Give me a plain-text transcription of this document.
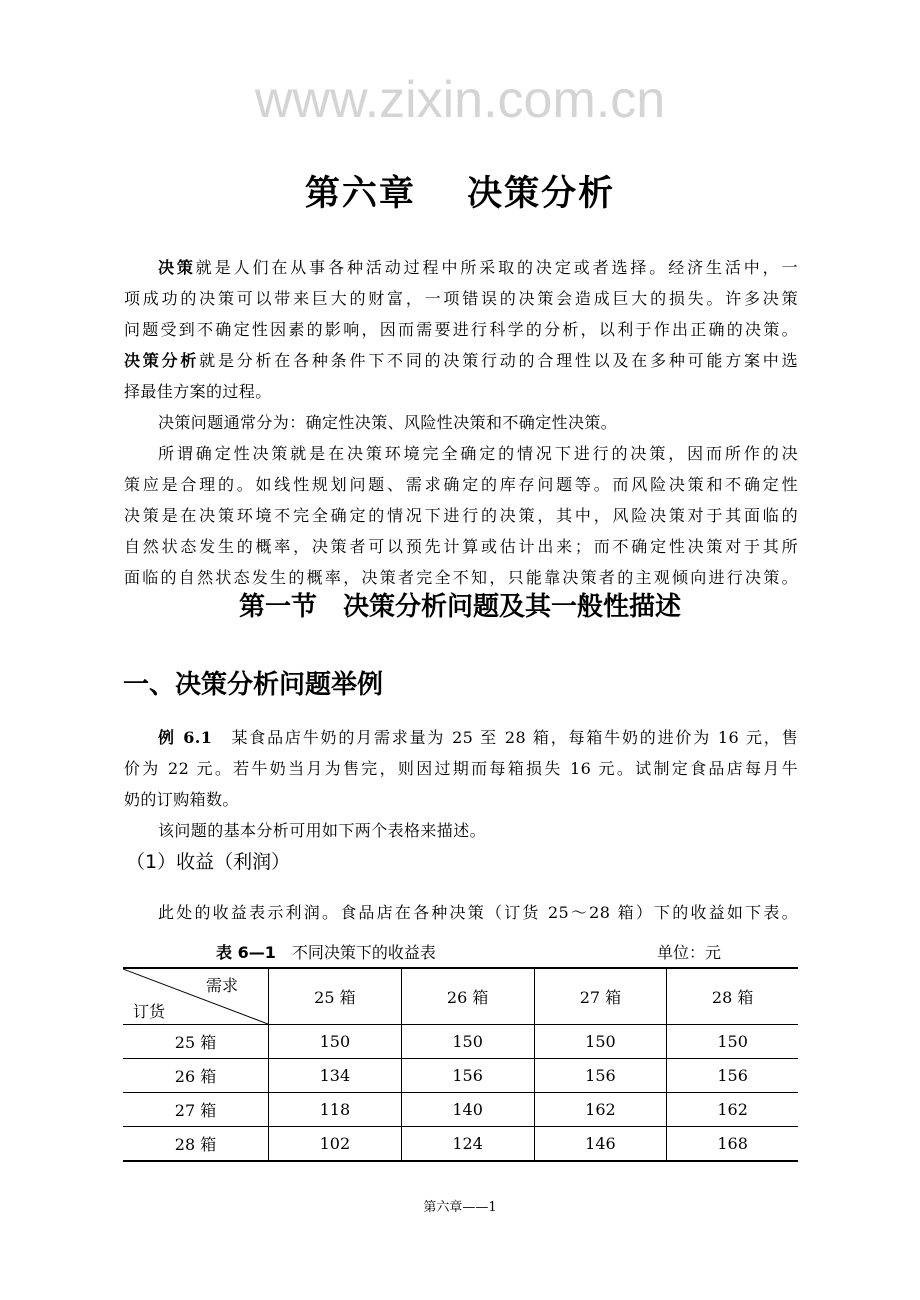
www.zixin.com.cn
第六章　 决策分析
决策就是人们在从事各种活动过程中所采取的决定或者选择。经济生活中，一
项成功的决策可以带来巨大的财富，一项错误的决策会造成巨大的损失。许多决策
问题受到不确定性因素的影响，因而需要进行科学的分析，以利于作出正确的决策。
决策分析就是分析在各种条件下不同的决策行动的合理性以及在多种可能方案中选
择最佳方案的过程。
决策问题通常分为：确定性决策、风险性决策和不确定性决策。
所谓确定性决策就是在决策环境完全确定的情况下进行的决策，因而所作的决
策应是合理的。如线性规划问题、需求确定的库存问题等。而风险决策和不确定性
决策是在决策环境不完全确定的情况下进行的决策，其中，风险决策对于其面临的
自然状态发生的概率，决策者可以预先计算或估计出来；而不确定性决策对于其所
面临的自然状态发生的概率，决策者完全不知，只能靠决策者的主观倾向进行决策。
第一节　决策分析问题及其一般性描述
一、决策分析问题举例
例 6.1　 某食品店牛奶的月需求量为 25 至 28 箱，每箱牛奶的进价为 16 元，售
价为 22 元。若牛奶当月为售完，则因过期而每箱损失 16 元。试制定食品店每月牛
奶的订购箱数。
该问题的基本分析可用如下两个表格来描述。
（1）收益（利润）
此处的收益表示利润。食品店在各种决策（订货 25～28 箱）下的收益如下表。
表 6—1　不同决策下的收益表	单位：元
需求
订货	25 箱	26 箱	27 箱	28 箱
25 箱	150	150	150	150
26 箱	134	156	156	156
27 箱	118	140	162	162
28 箱	102	124	146	168
第六章——1
